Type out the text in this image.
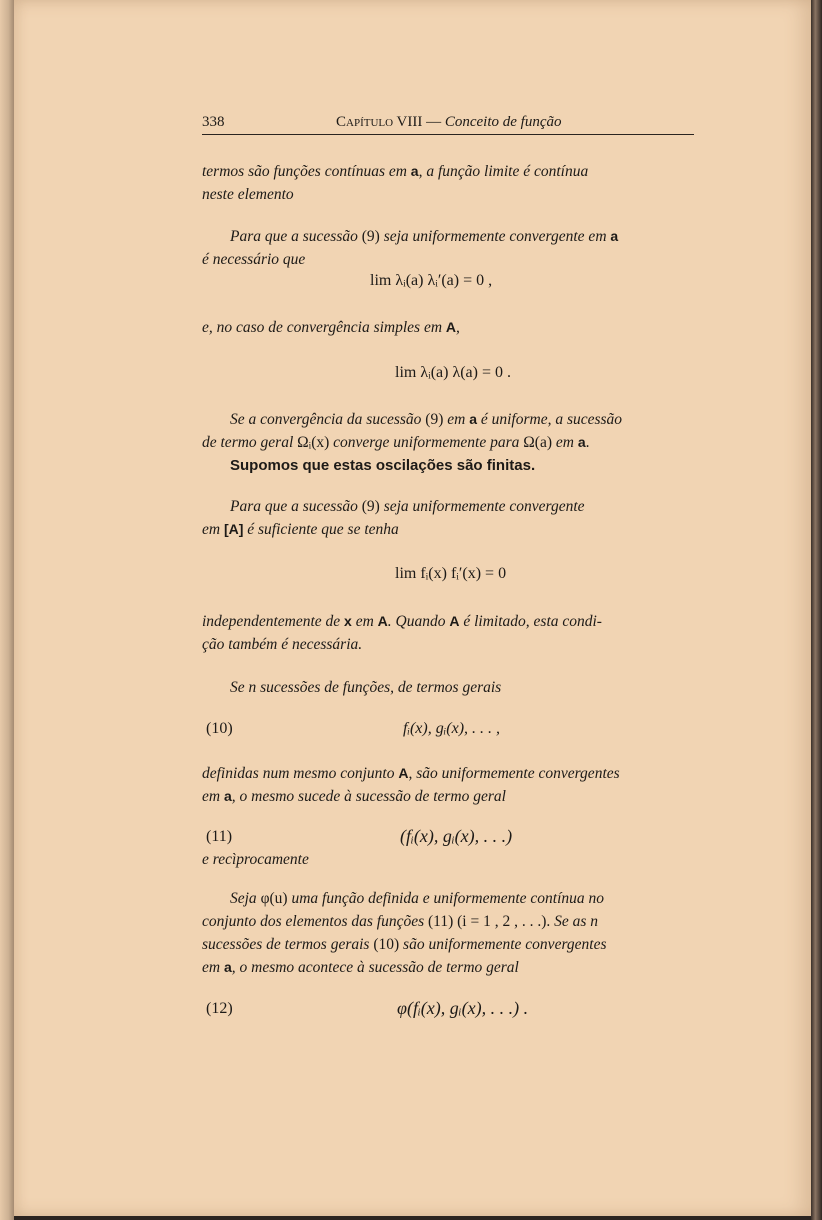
338	Capítulo VIII — Conceito de função
termos são funções contínuas em a, a função limite é contínua
neste elemento
Para que a sucessão (9) seja uniformemente convergente em a
é necessário que
lim λᵢ(a) λᵢ′(a) = 0 ,
e, no caso de convergência simples em A,
lim λᵢ(a) λ(a) = 0 .
Se a convergência da sucessão (9) em a é uniforme, a sucessão
de termo geral Ωᵢ(x) converge uniformemente para Ω(a) em a.
Supomos que estas oscilações são finitas.
Para que a sucessão (9) seja uniformemente convergente
em [A] é suficiente que se tenha
lim fᵢ(x) fᵢ′(x) = 0
independentemente de x em A. Quando A é limitado, esta condi-
ção também é necessária.
Se n sucessões de funções, de termos gerais
(10)	fᵢ(x), gᵢ(x), . . . ,
definidas num mesmo conjunto A, são uniformemente convergentes
em a, o mesmo sucede à sucessão de termo geral
(11)	(fᵢ(x), gᵢ(x), . . .)
e recìprocamente
Seja φ(u) uma função definida e uniformemente contínua no
conjunto dos elementos das funções (11) (i = 1 , 2 , . . .). Se as n
sucessões de termos gerais (10) são uniformemente convergentes
em a, o mesmo acontece à sucessão de termo geral
(12)	φ(fᵢ(x), gᵢ(x), . . .) .
